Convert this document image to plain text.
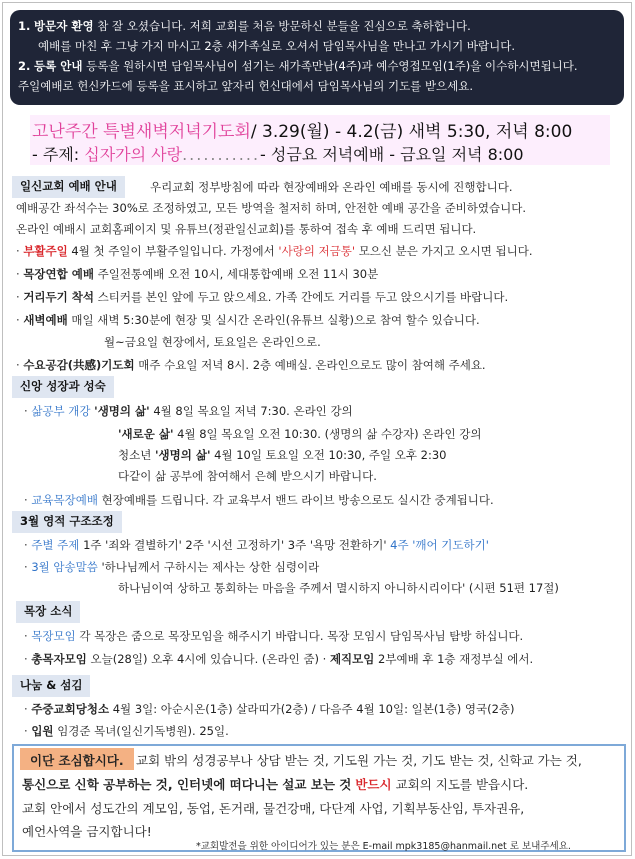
1. 방문자 환영 참 잘 오셨습니다. 저희 교회를 처음 방문하신 분들을 진심으로 축하합니다.
예배를 마친 후 그냥 가지 마시고 2층 새가족실로 오셔서 담임목사님을 만나고 가시기 바랍니다.
2. 등록 안내 등록을 원하시면 담임목사님이 섬기는 새가족만남(4주)과 예수영접모임(1주)을 이수하시면됩니다.
주일예배로 헌신카드에 등록을 표시하고 앞자리 헌신대에서 담임목사님의 기도를 받으세요.
고난주간 특별새벽저녁기도회/ 3.29(월) - 4.2(금) 새벽 5:30, 저녁 8:00
- 주제: 십자가의 사랑...........- 성금요 저녁예배 - 금요일 저녁 8:00
일신교회 예배 안내	우리교회 정부방침에 따라 현장예배와 온라인 예배를 동시에 진행합니다.
예배공간 좌석수는 30%로 조정하였고, 모든 방역을 철저히 하며, 안전한 예배 공간을 준비하였습니다.
온라인 예배시 교회홈페이지 및 유튜브(정관일신교회)를 통하여 접속 후 예배 드리면 됩니다.
· 부활주일 4월 첫 주일이 부활주일입니다. 가정에서 '사랑의 저금통' 모으신 분은 가지고 오시면 됩니다.
· 목장연합 예배 주일전통예배 오전 10시, 세대통합예배 오전 11시 30분
· 거리두기 착석 스티커를 본인 앞에 두고 앉으세요. 가족 간에도 거리를 두고 앉으시기를 바랍니다.
· 새벽예배 매일 새벽 5:30분에 현장 및 실시간 온라인(유튜브 실황)으로 참여 할수 있습니다.
월~금요일 현장에서, 토요일은 온라인으로.
· 수요공감(共感)기도회 매주 수요일 저녁 8시. 2층 예배실. 온라인으로도 많이 참여해 주세요.
신앙 성장과 성숙
· 삶공부 개강 '생명의 삶' 4월 8일 목요일 저녁 7:30. 온라인 강의
'새로운 삶' 4월 8일 목요일 오전 10:30. (생명의 삶 수강자) 온라인 강의
청소년 '생명의 삶' 4월 10일 토요일 오전 10:30, 주일 오후 2:30
다같이 삶 공부에 참여해서 은혜 받으시기 바랍니다.
· 교육목장예배 현장예배를 드립니다. 각 교육부서 밴드 라이브 방송으로도 실시간 중계됩니다.
3월 영적 구조조정
· 주별 주제 1주 '죄와 결별하기' 2주 '시선 고정하기' 3주 '욕망 전환하기' 4주 '깨어 기도하기'
· 3월 암송말씀 '하나님께서 구하시는 제사는 상한 심령이라
하나님이여 상하고 통회하는 마음을 주께서 멸시하지 아니하시리이다' (시편 51편 17절)
목장 소식
· 목장모임 각 목장은 줌으로 목장모임을 해주시기 바랍니다. 목장 모임시 담임목사님 탐방 하십니다.
· 총목자모임 오늘(28일) 오후 4시에 있습니다. (온라인 줌) · 제직모임 2부예배 후 1층 재정부실 에서.
나눔 & 섬김
· 주중교회당청소 4월 3일: 아순시온(1층) 살라띠가(2층) / 다음주 4월 10일: 일본(1층) 영국(2층)
· 입원 임경준 목녀(일신기독병원). 25일.
이단 조심합시다. 교회 밖의 성경공부나 상담 받는 것, 기도원 가는 것, 기도 받는 것, 신학교 가는 것,
통신으로 신학 공부하는 것, 인터넷에 떠다니는 설교 보는 것 반드시 교회의 지도를 받읍시다.
교회 안에서 성도간의 계모임, 동업, 돈거래, 물건강매, 다단계 사업, 기획부동산임, 투자권유,
예언사역을 금지합니다!
*교회발전을 위한 아이디어가 있는 분은 E-mail mpk3185@hanmail.net 로 보내주세요.
